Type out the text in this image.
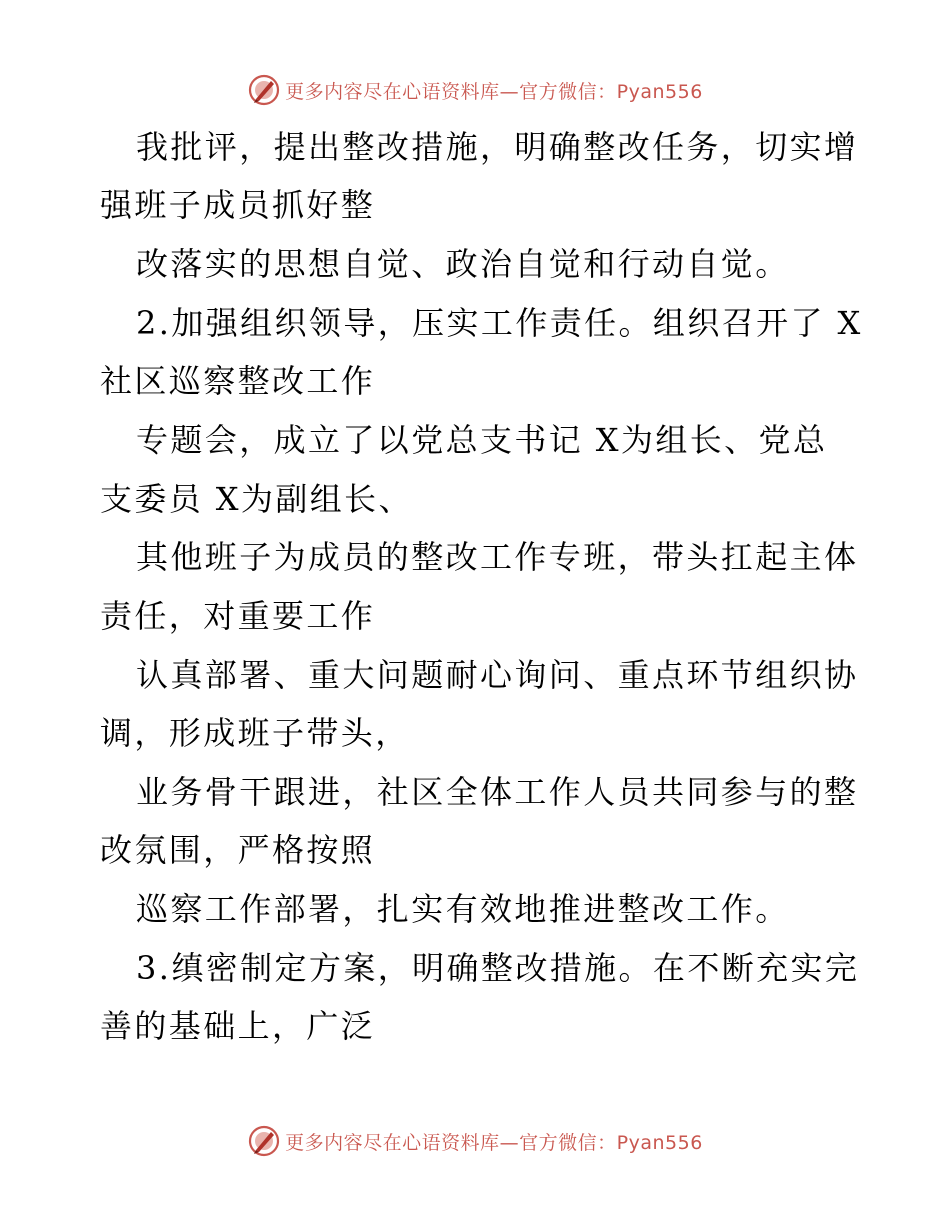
更多内容尽在心语资料库—官方微信：Pyan556
我批评，提出整改措施，明确整改任务，切实增
强班子成员抓好整
改落实的思想自觉、政治自觉和行动自觉。
2.加强组织领导，压实工作责任。组织召开了 X
社区巡察整改工作
专题会，成立了以党总支书记 X为组长、党总
支委员 X为副组长、
其他班子为成员的整改工作专班，带头扛起主体
责任，对重要工作
认真部署、重大问题耐心询问、重点环节组织协
调，形成班子带头，
业务骨干跟进，社区全体工作人员共同参与的整
改氛围，严格按照
巡察工作部署，扎实有效地推进整改工作。
3.缜密制定方案，明确整改措施。在不断充实完
善的基础上，广泛
更多内容尽在心语资料库—官方微信：Pyan556
